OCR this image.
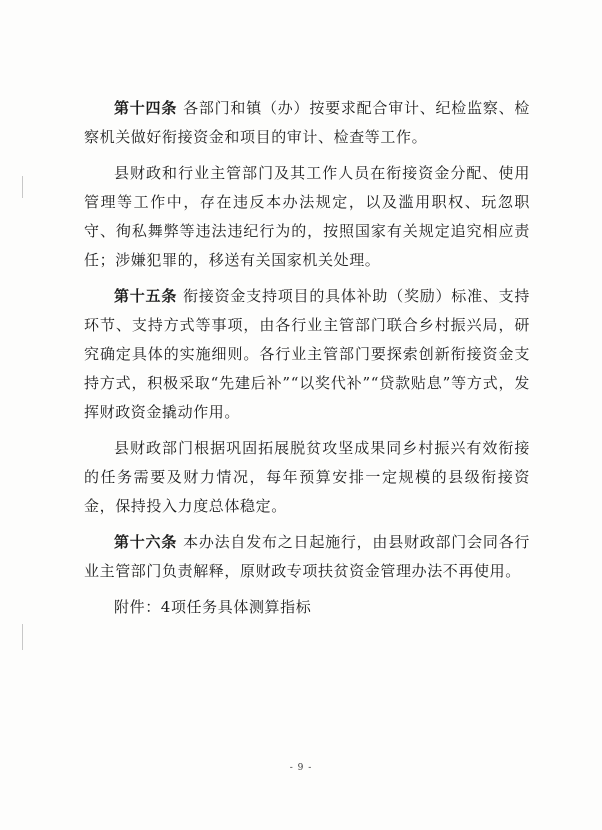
第十四条 各部门和镇（办）按要求配合审计、纪检监察、检察机关做好衔接资金和项目的审计、检查等工作。

县财政和行业主管部门及其工作人员在衔接资金分配、使用管理等工作中，存在违反本办法规定，以及滥用职权、玩忽职守、徇私舞弊等违法违纪行为的，按照国家有关规定追究相应责任；涉嫌犯罪的，移送有关国家机关处理。

第十五条 衔接资金支持项目的具体补助（奖励）标准、支持环节、支持方式等事项，由各行业主管部门联合乡村振兴局，研究确定具体的实施细则。各行业主管部门要探索创新衔接资金支持方式，积极采取“先建后补”“以奖代补”“贷款贴息”等方式，发挥财政资金撬动作用。

县财政部门根据巩固拓展脱贫攻坚成果同乡村振兴有效衔接的任务需要及财力情况，每年预算安排一定规模的县级衔接资金，保持投入力度总体稳定。

第十六条 本办法自发布之日起施行，由县财政部门会同各行业主管部门负责解释，原财政专项扶贫资金管理办法不再使用。

附件：4项任务具体测算指标

- 9 -
